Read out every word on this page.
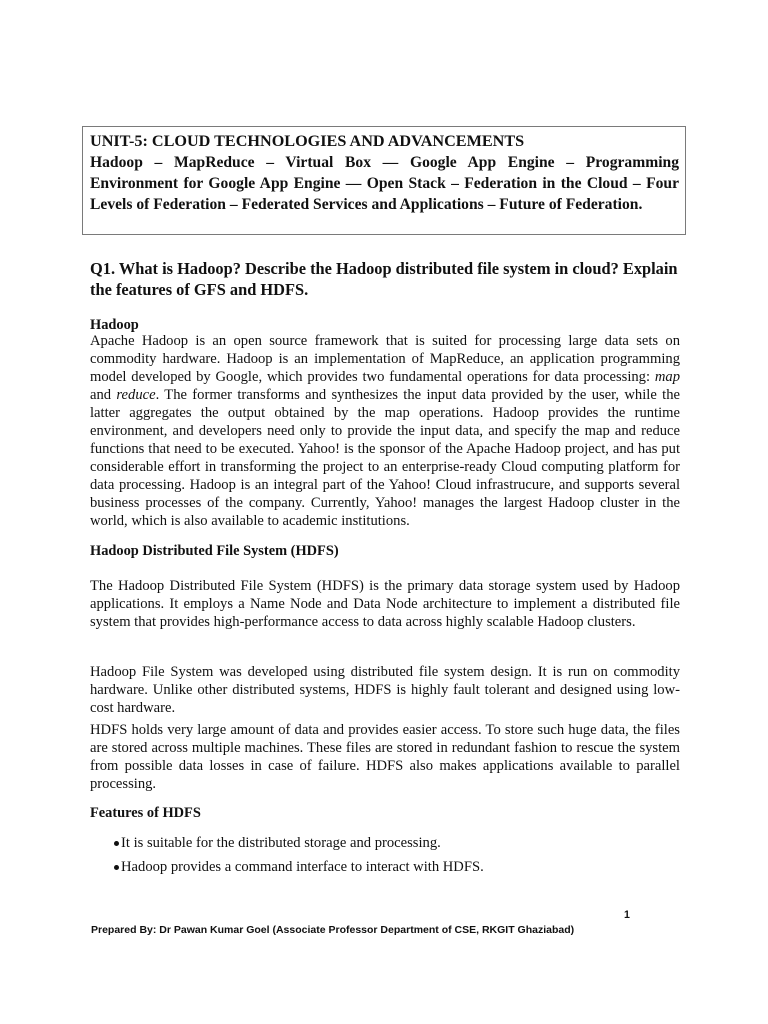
UNIT-5: CLOUD TECHNOLOGIES AND ADVANCEMENTS

Hadoop – MapReduce – Virtual Box — Google App Engine – Programming Environment for Google App Engine — Open Stack – Federation in the Cloud – Four Levels of Federation – Federated Services and Applications – Future of Federation.

Q1. What is Hadoop? Describe the Hadoop distributed file system in cloud? Explain the features of GFS and HDFS.

Hadoop

Apache Hadoop is an open source framework that is suited for processing large data sets on commodity hardware. Hadoop is an implementation of MapReduce, an application programming model developed by Google, which provides two fundamental operations for data processing: map and reduce. The former transforms and synthesizes the input data provided by the user, while the latter aggregates the output obtained by the map operations. Hadoop provides the runtime environment, and developers need only to provide the input data, and specify the map and reduce functions that need to be executed. Yahoo! is the sponsor of the Apache Hadoop project, and has put considerable effort in transforming the project to an enterprise-ready Cloud computing platform for data processing. Hadoop is an integral part of the Yahoo! Cloud infrastrucure, and supports several business processes of the company. Currently, Yahoo! manages the largest Hadoop cluster in the world, which is also available to academic institutions.

Hadoop Distributed File System (HDFS)

The Hadoop Distributed File System (HDFS) is the primary data storage system used by Hadoop applications. It employs a Name Node and Data Node architecture to implement a distributed file system that provides high-performance access to data across highly scalable Hadoop clusters.

Hadoop File System was developed using distributed file system design. It is run on commodity hardware. Unlike other distributed systems, HDFS is highly fault tolerant and designed using low-cost hardware.

HDFS holds very large amount of data and provides easier access. To store such huge data, the files are stored across multiple machines. These files are stored in redundant fashion to rescue the system from possible data losses in case of failure. HDFS also makes applications available to parallel processing.

Features of HDFS

It is suitable for the distributed storage and processing.
Hadoop provides a command interface to interact with HDFS.
1
Prepared By: Dr Pawan Kumar Goel (Associate Professor Department of CSE, RKGIT Ghaziabad)
